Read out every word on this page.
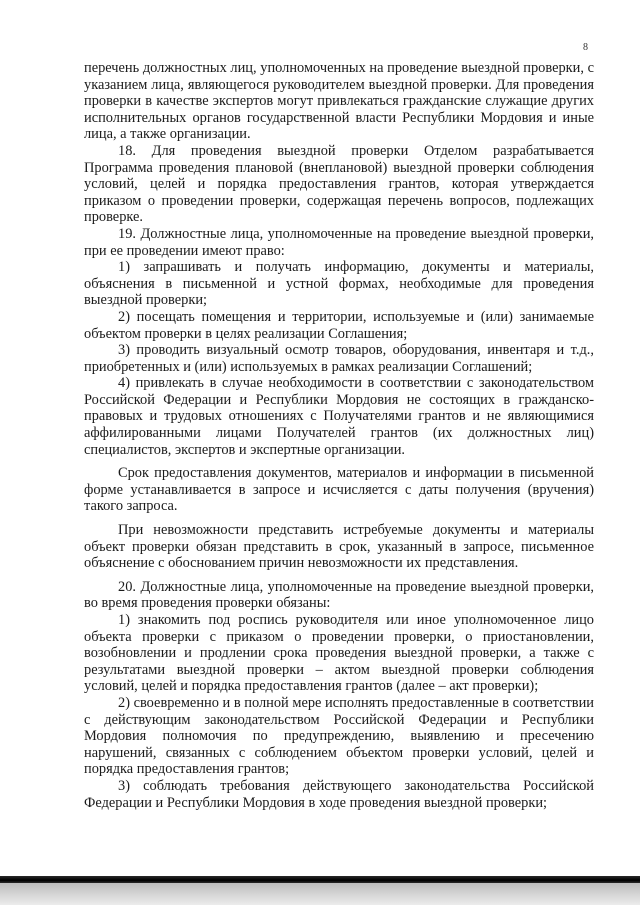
8

перечень должностных лиц, уполномоченных на проведение выездной проверки, с указанием лица, являющегося руководителем выездной проверки. Для проведения проверки в качестве экспертов могут привлекаться гражданские служащие других исполнительных органов государственной власти Республики Мордовия и иные лица, а также организации.

18. Для проведения выездной проверки Отделом разрабатывается Программа проведения плановой (внеплановой) выездной проверки соблюдения условий, целей и порядка предоставления грантов, которая утверждается приказом о проведении проверки, содержащая перечень вопросов, подлежащих проверке.

19. Должностные лица, уполномоченные на проведение выездной проверки, при ее проведении имеют право:

1) запрашивать и получать информацию, документы и материалы, объяснения в письменной и устной формах, необходимые для проведения выездной проверки;

2) посещать помещения и территории, используемые и (или) занимаемые объектом проверки в целях реализации Соглашения;

3) проводить визуальный осмотр товаров, оборудования, инвентаря и т.д., приобретенных и (или) используемых в рамках реализации Соглашений;

4) привлекать в случае необходимости в соответствии с законодательством Российской Федерации и Республики Мордовия не состоящих в гражданско-правовых и трудовых отношениях с Получателями грантов и не являющимися аффилированными лицами Получателей грантов (их должностных лиц) специалистов, экспертов и экспертные организации.

Срок предоставления документов, материалов и информации в письменной форме устанавливается в запросе и исчисляется с даты получения (вручения) такого запроса.

При невозможности представить истребуемые документы и материалы объект проверки обязан представить в срок, указанный в запросе, письменное объяснение с обоснованием причин невозможности их представления.

20. Должностные лица, уполномоченные на проведение выездной проверки, во время проведения проверки обязаны:

1) знакомить под роспись руководителя или иное уполномоченное лицо объекта проверки с приказом о проведении проверки, о приостановлении, возобновлении и продлении срока проведения выездной проверки, а также с результатами выездной проверки – актом выездной проверки соблюдения условий, целей и порядка предоставления грантов (далее – акт проверки);

2) своевременно и в полной мере исполнять предоставленные в соответствии с действующим законодательством Российской Федерации и Республики Мордовия полномочия по предупреждению, выявлению и пресечению нарушений, связанных с соблюдением объектом проверки условий, целей и порядка предоставления грантов;

3) соблюдать требования действующего законодательства Российской Федерации и Республики Мордовия в ходе проведения выездной проверки;
